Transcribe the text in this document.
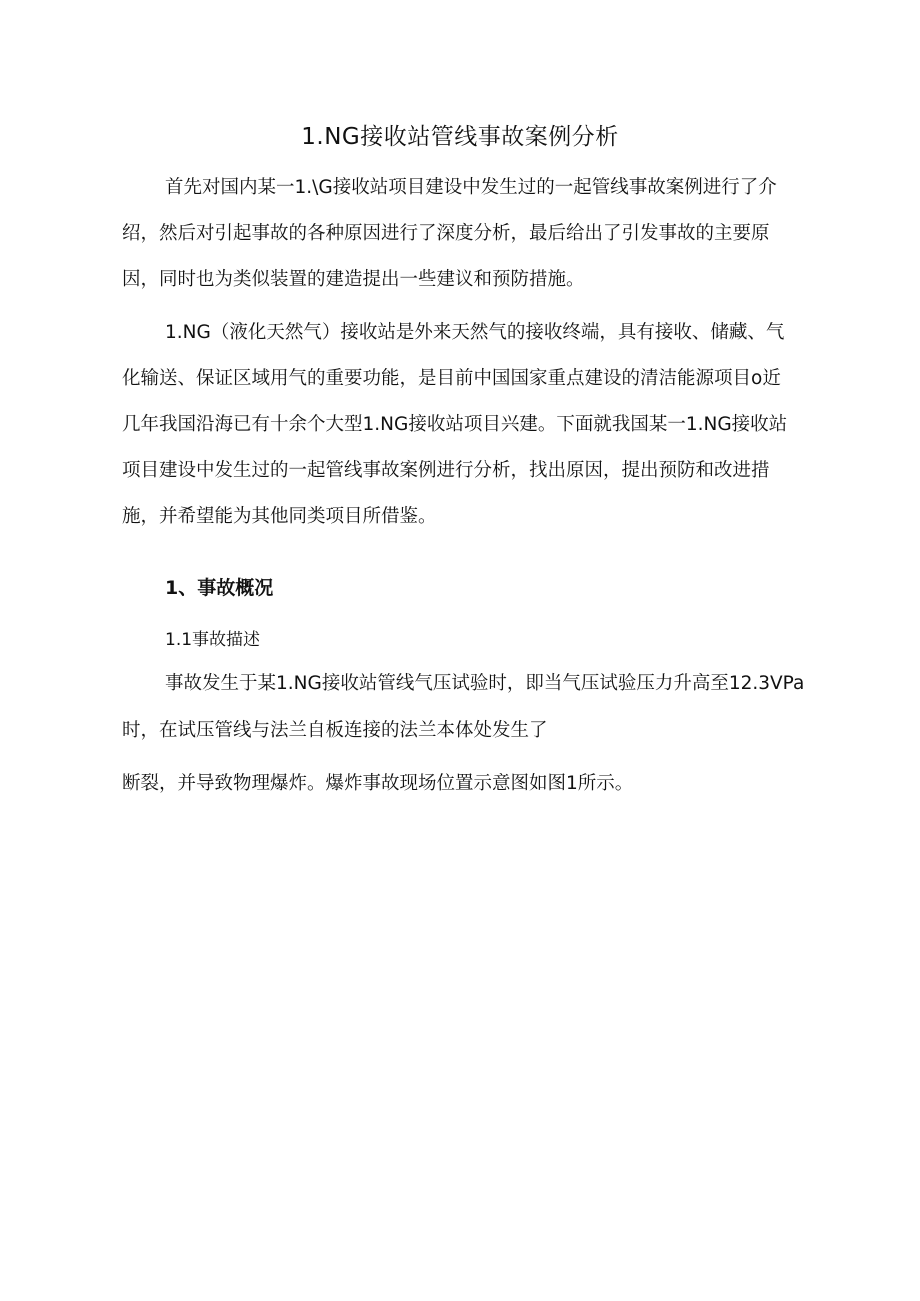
1.NG接收站管线事故案例分析
首先对国内某一1.\G接收站项目建设中发生过的一起管线事故案例进行了介
绍，然后对引起事故的各种原因进行了深度分析，最后给出了引发事故的主要原
因，同时也为类似装置的建造提出一些建议和预防措施。
1.NG（液化天然气）接收站是外来天然气的接收终端，具有接收、储藏、气
化输送、保证区域用气的重要功能，是目前中国国家重点建设的清洁能源项目o近
几年我国沿海已有十余个大型1.NG接收站项目兴建。下面就我国某一1.NG接收站
项目建设中发生过的一起管线事故案例进行分析，找出原因，提出预防和改进措
施，并希望能为其他同类项目所借鉴。
1、事故概况
1.1事故描述
事故发生于某1.NG接收站管线气压试验时，即当气压试验压力升高至12.3VPa
时，在试压管线与法兰自板连接的法兰本体处发生了
断裂，并导致物理爆炸。爆炸事故现场位置示意图如图1所示。
